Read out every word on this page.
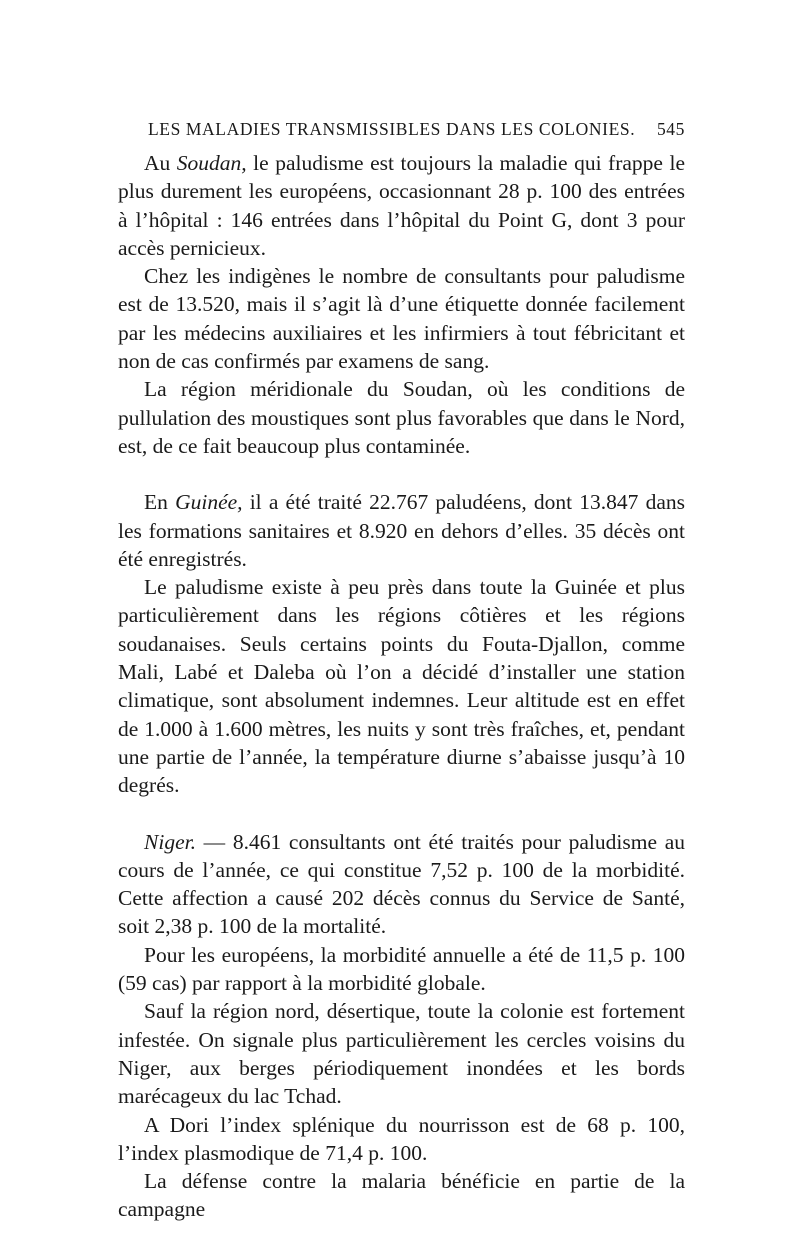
LES MALADIES TRANSMISSIBLES DANS LES COLONIES. 545

Au Soudan, le paludisme est toujours la maladie qui frappe le plus durement les européens, occasionnant 28 p. 100 des entrées à l’hôpital : 146 entrées dans l’hôpital du Point G, dont 3 pour accès pernicieux.

Chez les indigènes le nombre de consultants pour paludisme est de 13.520, mais il s’agit là d’une étiquette donnée facilement par les médecins auxiliaires et les infirmiers à tout fébricitant et non de cas confirmés par examens de sang.

La région méridionale du Soudan, où les conditions de pullulation des moustiques sont plus favorables que dans le Nord, est, de ce fait beaucoup plus contaminée.

En Guinée, il a été traité 22.767 paludéens, dont 13.847 dans les formations sanitaires et 8.920 en dehors d’elles. 35 décès ont été enregistrés.

Le paludisme existe à peu près dans toute la Guinée et plus particulièrement dans les régions côtières et les régions soudanaises. Seuls certains points du Fouta-Djallon, comme Mali, Labé et Daleba où l’on a décidé d’installer une station climatique, sont absolument indemnes. Leur altitude est en effet de 1.000 à 1.600 mètres, les nuits y sont très fraîches, et, pendant une partie de l’année, la température diurne s’abaisse jusqu’à 10 degrés.

Niger. — 8.461 consultants ont été traités pour paludisme au cours de l’année, ce qui constitue 7,52 p. 100 de la morbidité. Cette affection a causé 202 décès connus du Service de Santé, soit 2,38 p. 100 de la mortalité.

Pour les européens, la morbidité annuelle a été de 11,5 p. 100 (59 cas) par rapport à la morbidité globale.

Sauf la région nord, désertique, toute la colonie est fortement infestée. On signale plus particulièrement les cercles voisins du Niger, aux berges périodiquement inondées et les bords marécageux du lac Tchad.

A Dori l’index splénique du nourrisson est de 68 p. 100, l’index plasmodique de 71,4 p. 100.

La défense contre la malaria bénéficie en partie de la campagne
